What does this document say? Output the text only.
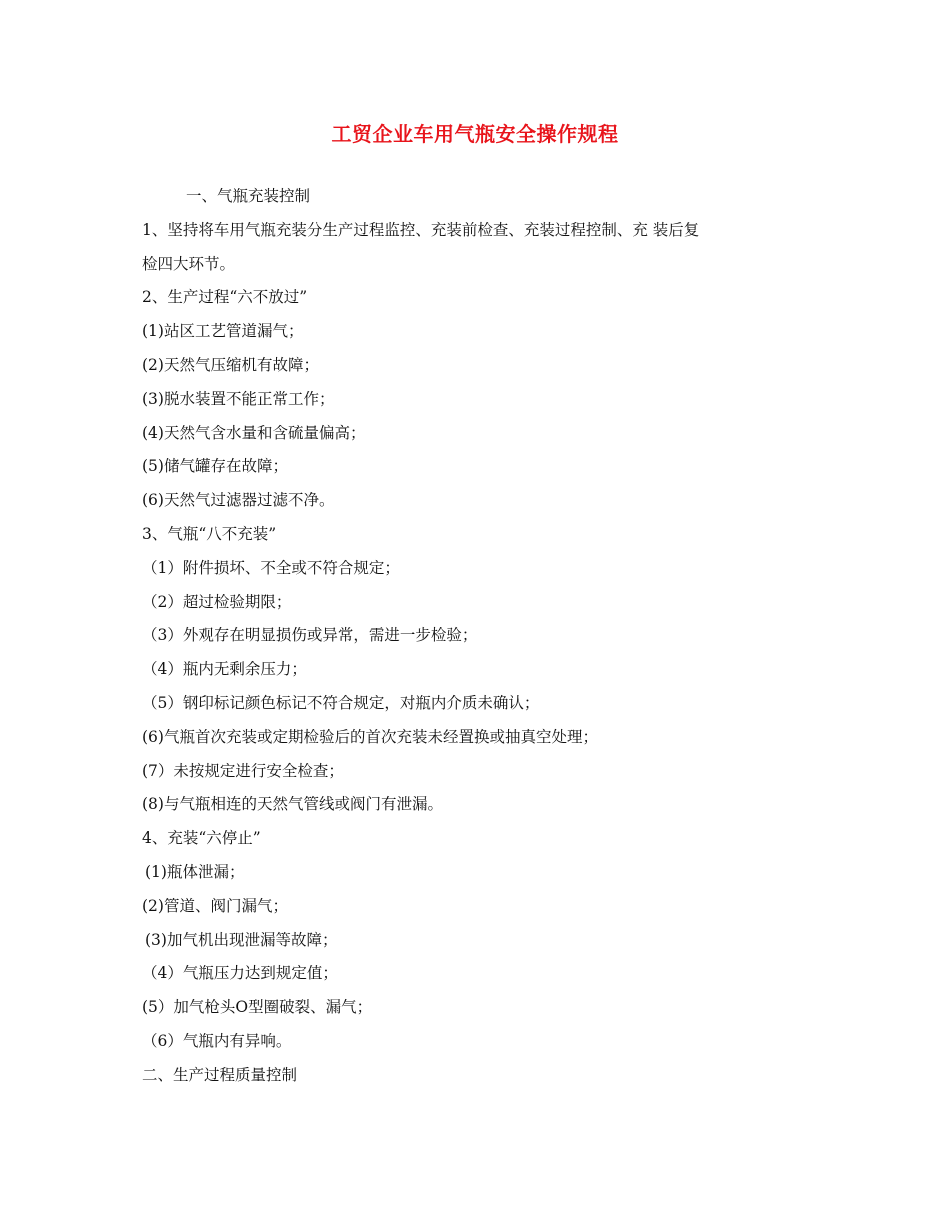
工贸企业车用气瓶安全操作规程

一、气瓶充装控制

1、坚持将车用气瓶充装分生产过程监控、充装前检查、充装过程控制、充 装后复

检四大环节。

2、生产过程“六不放过”

(1)站区工艺管道漏气；

(2)天然气压缩机有故障；

(3)脱水装置不能正常工作；

(4)天然气含水量和含硫量偏高；

(5)储气罐存在故障；

(6)天然气过滤器过滤不净。

3、气瓶“八不充装”

（1）附件损坏、不全或不符合规定；

（2）超过检验期限；

（3）外观存在明显损伤或异常，需进一步检验；

（4）瓶内无剩余压力；

（5）钢印标记颜色标记不符合规定，对瓶内介质未确认；

(6)气瓶首次充装或定期检验后的首次充装未经置换或抽真空处理；

(7）未按规定进行安全检查；

(8)与气瓶相连的天然气管线或阀门有泄漏。

4、充装“六停止”

(1)瓶体泄漏；

(2)管道、阀门漏气；

(3)加气机出现泄漏等故障；

（4）气瓶压力达到规定值；

(5）加气枪头O型圈破裂、漏气；

（6）气瓶内有异响。

二、生产过程质量控制
